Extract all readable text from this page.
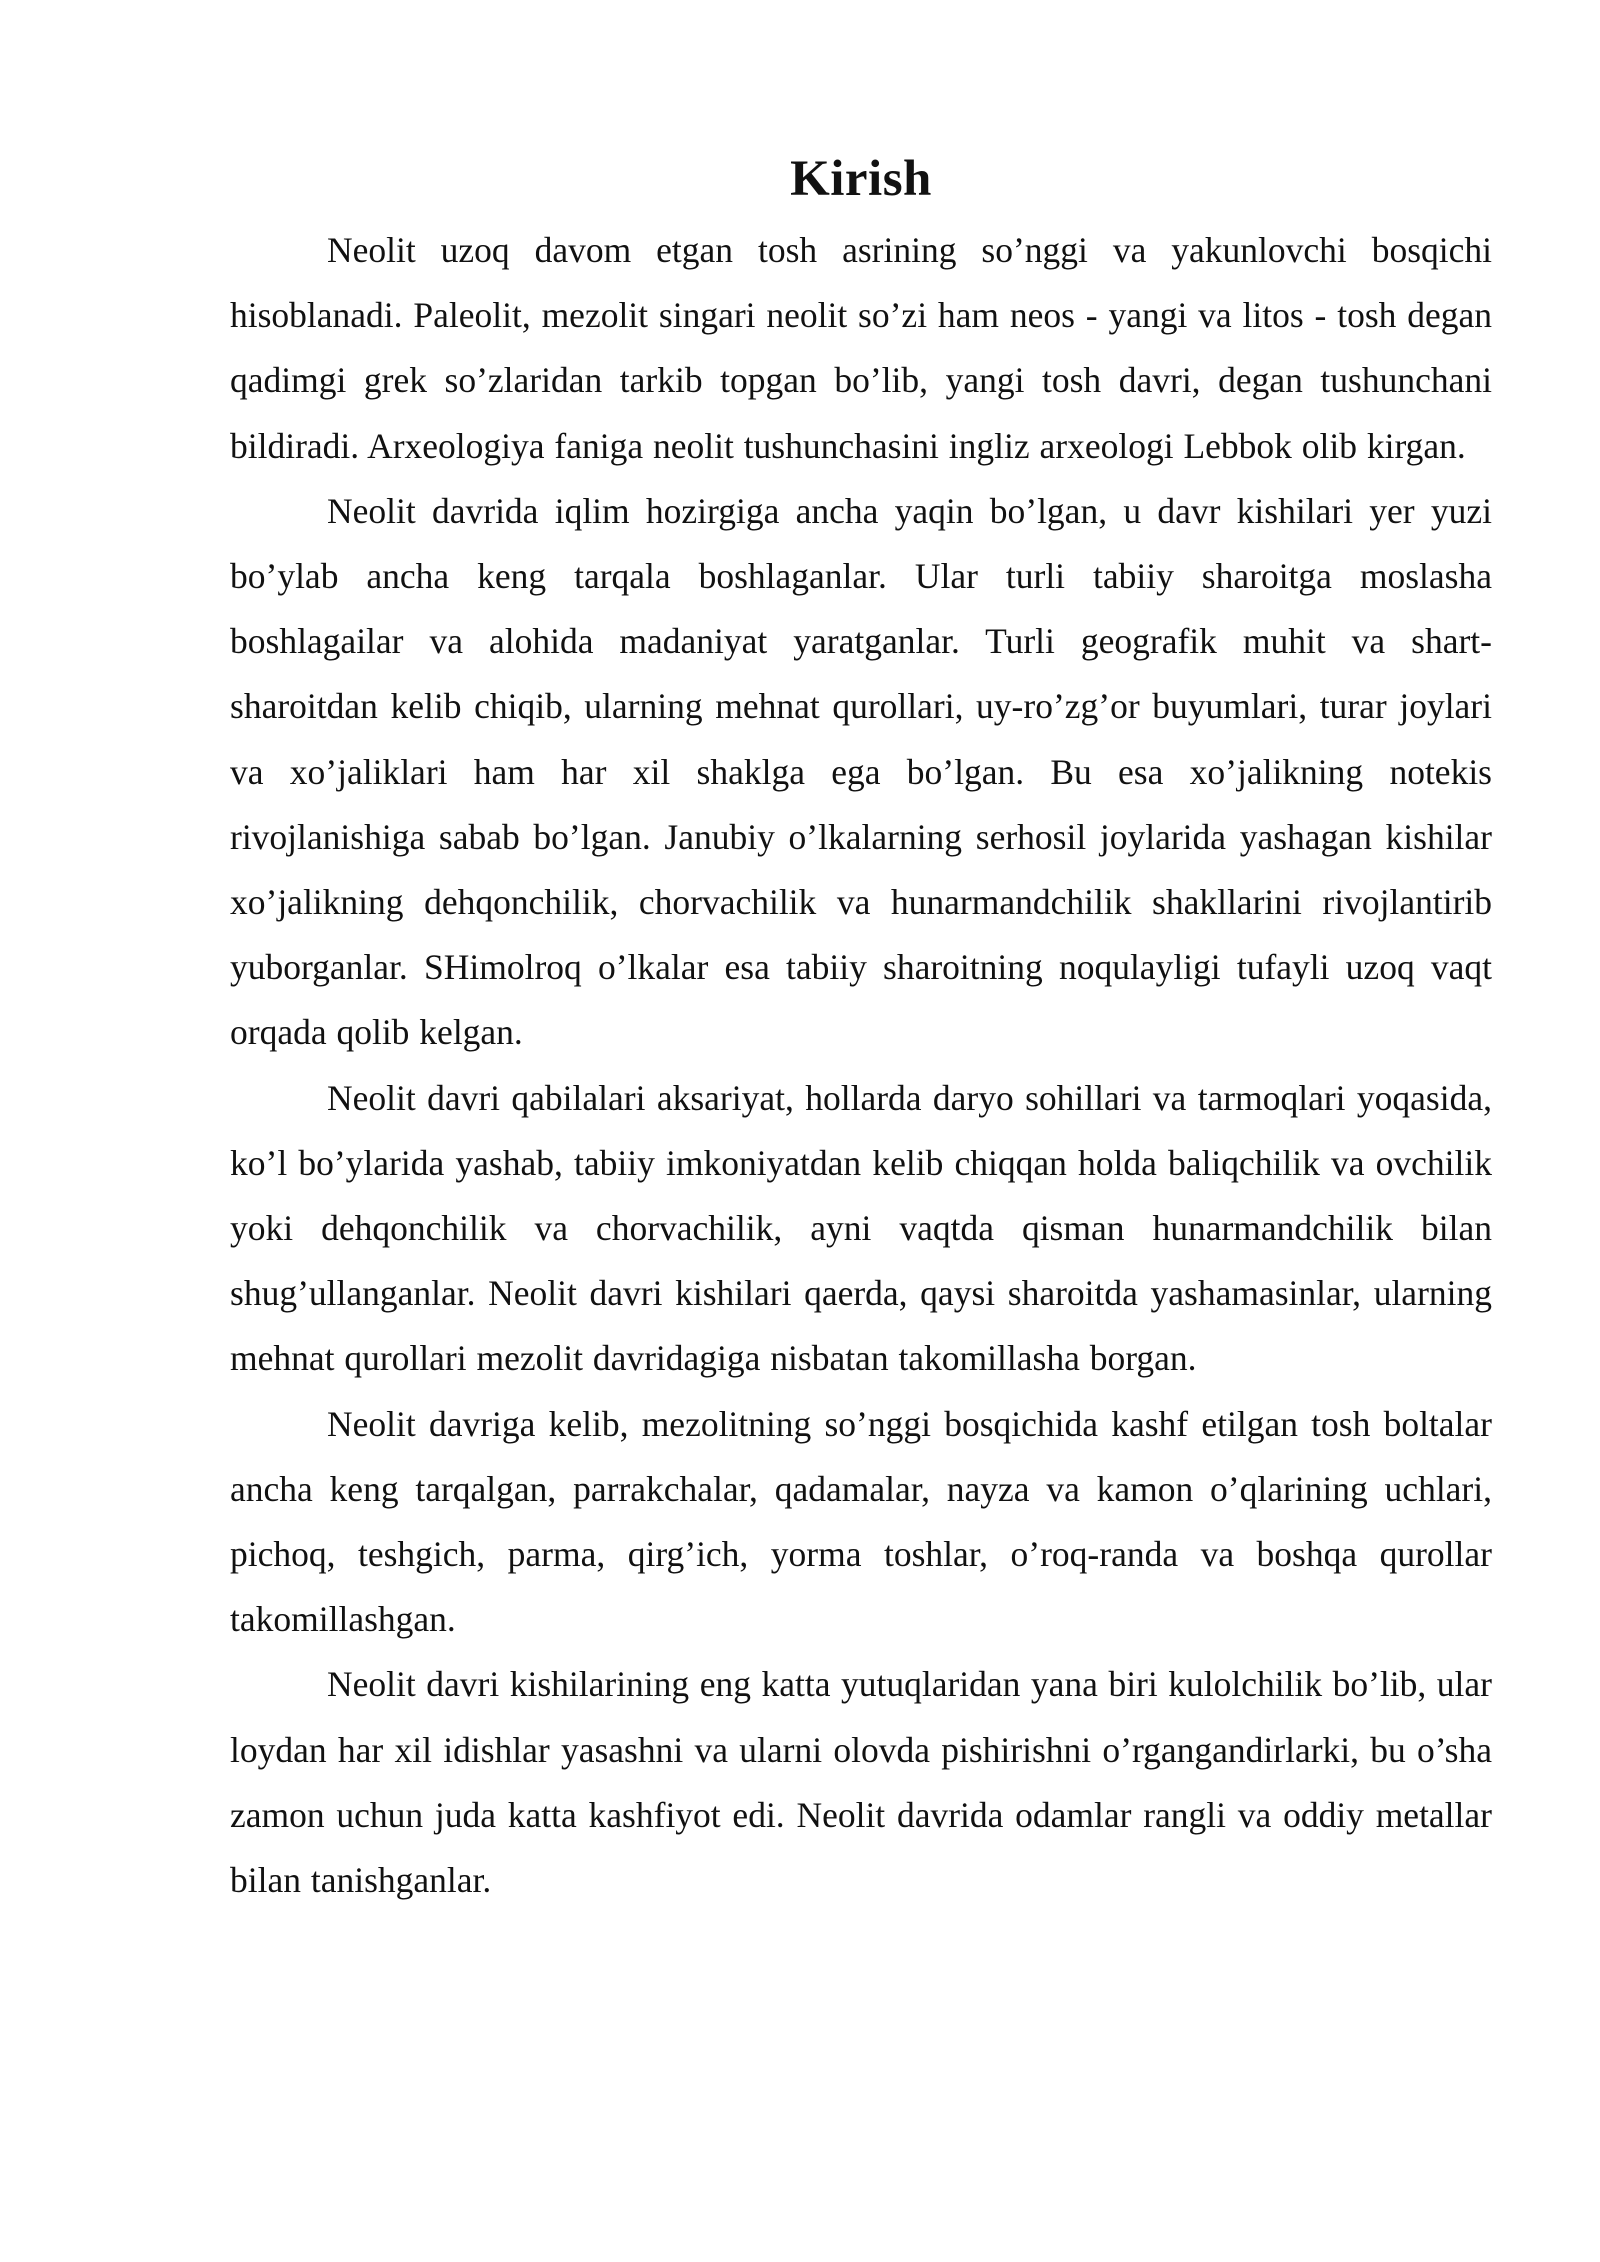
Kirish

Neolit uzoq davom etgan tosh asrining so’nggi va yakunlovchi bosqichi hisoblanadi. Paleolit, mezolit singari neolit so’zi ham neos - yangi va litos - tosh degan qadimgi grek so’zlaridan tarkib topgan bo’lib, yangi tosh davri, degan tushunchani bildiradi. Arxeologiya faniga neolit tushunchasini ingliz arxeologi Lebbok olib kirgan.

Neolit davrida iqlim hozirgiga ancha yaqin bo’lgan, u davr kishilari yer yuzi bo’ylab ancha keng tarqala boshlaganlar. Ular turli tabiiy sharoitga moslasha boshlagailar va alohida madaniyat yaratganlar. Turli geografik muhit va shart-sharoitdan kelib chiqib, ularning mehnat qurollari, uy-ro’zg’or buyumlari, turar joylari va xo’jaliklari ham har xil shaklga ega bo’lgan. Bu esa xo’jalikning notekis rivojlanishiga sabab bo’lgan. Janubiy o’lkalarning serhosil joylarida yashagan kishilar xo’jalikning dehqonchilik, chorvachilik va hunarmandchilik shakllarini rivojlantirib yuborganlar. SHimolroq o’lkalar esa tabiiy sharoitning noqulayligi tufayli uzoq vaqt orqada qolib kelgan.

Neolit davri qabilalari aksariyat, hollarda daryo sohillari va tarmoqlari yoqasida, ko’l bo’ylarida yashab, tabiiy imkoniyatdan kelib chiqqan holda baliqchilik va ovchilik yoki dehqonchilik va chorvachilik, ayni vaqtda qisman hunarmandchilik bilan shug’ullanganlar. Neolit davri kishilari qaerda, qaysi sharoitda yashamasinlar, ularning mehnat qurollari mezolit davridagiga nisbatan takomillasha borgan.

Neolit davriga kelib, mezolitning so’nggi bosqichida kashf etilgan tosh boltalar ancha keng tarqalgan, parrakchalar, qadamalar, nayza va kamon o’qlarining uchlari, pichoq, teshgich, parma, qirg’ich, yorma toshlar, o’roq-randa va boshqa qurollar takomillashgan.

Neolit davri kishilarining eng katta yutuqlaridan yana biri kulolchilik bo’lib, ular loydan har xil idishlar yasashni va ularni olovda pishirishni o’rgangandirlarki, bu o’sha zamon uchun juda katta kashfiyot edi. Neolit davrida odamlar rangli va oddiy metallar bilan tanishganlar.
